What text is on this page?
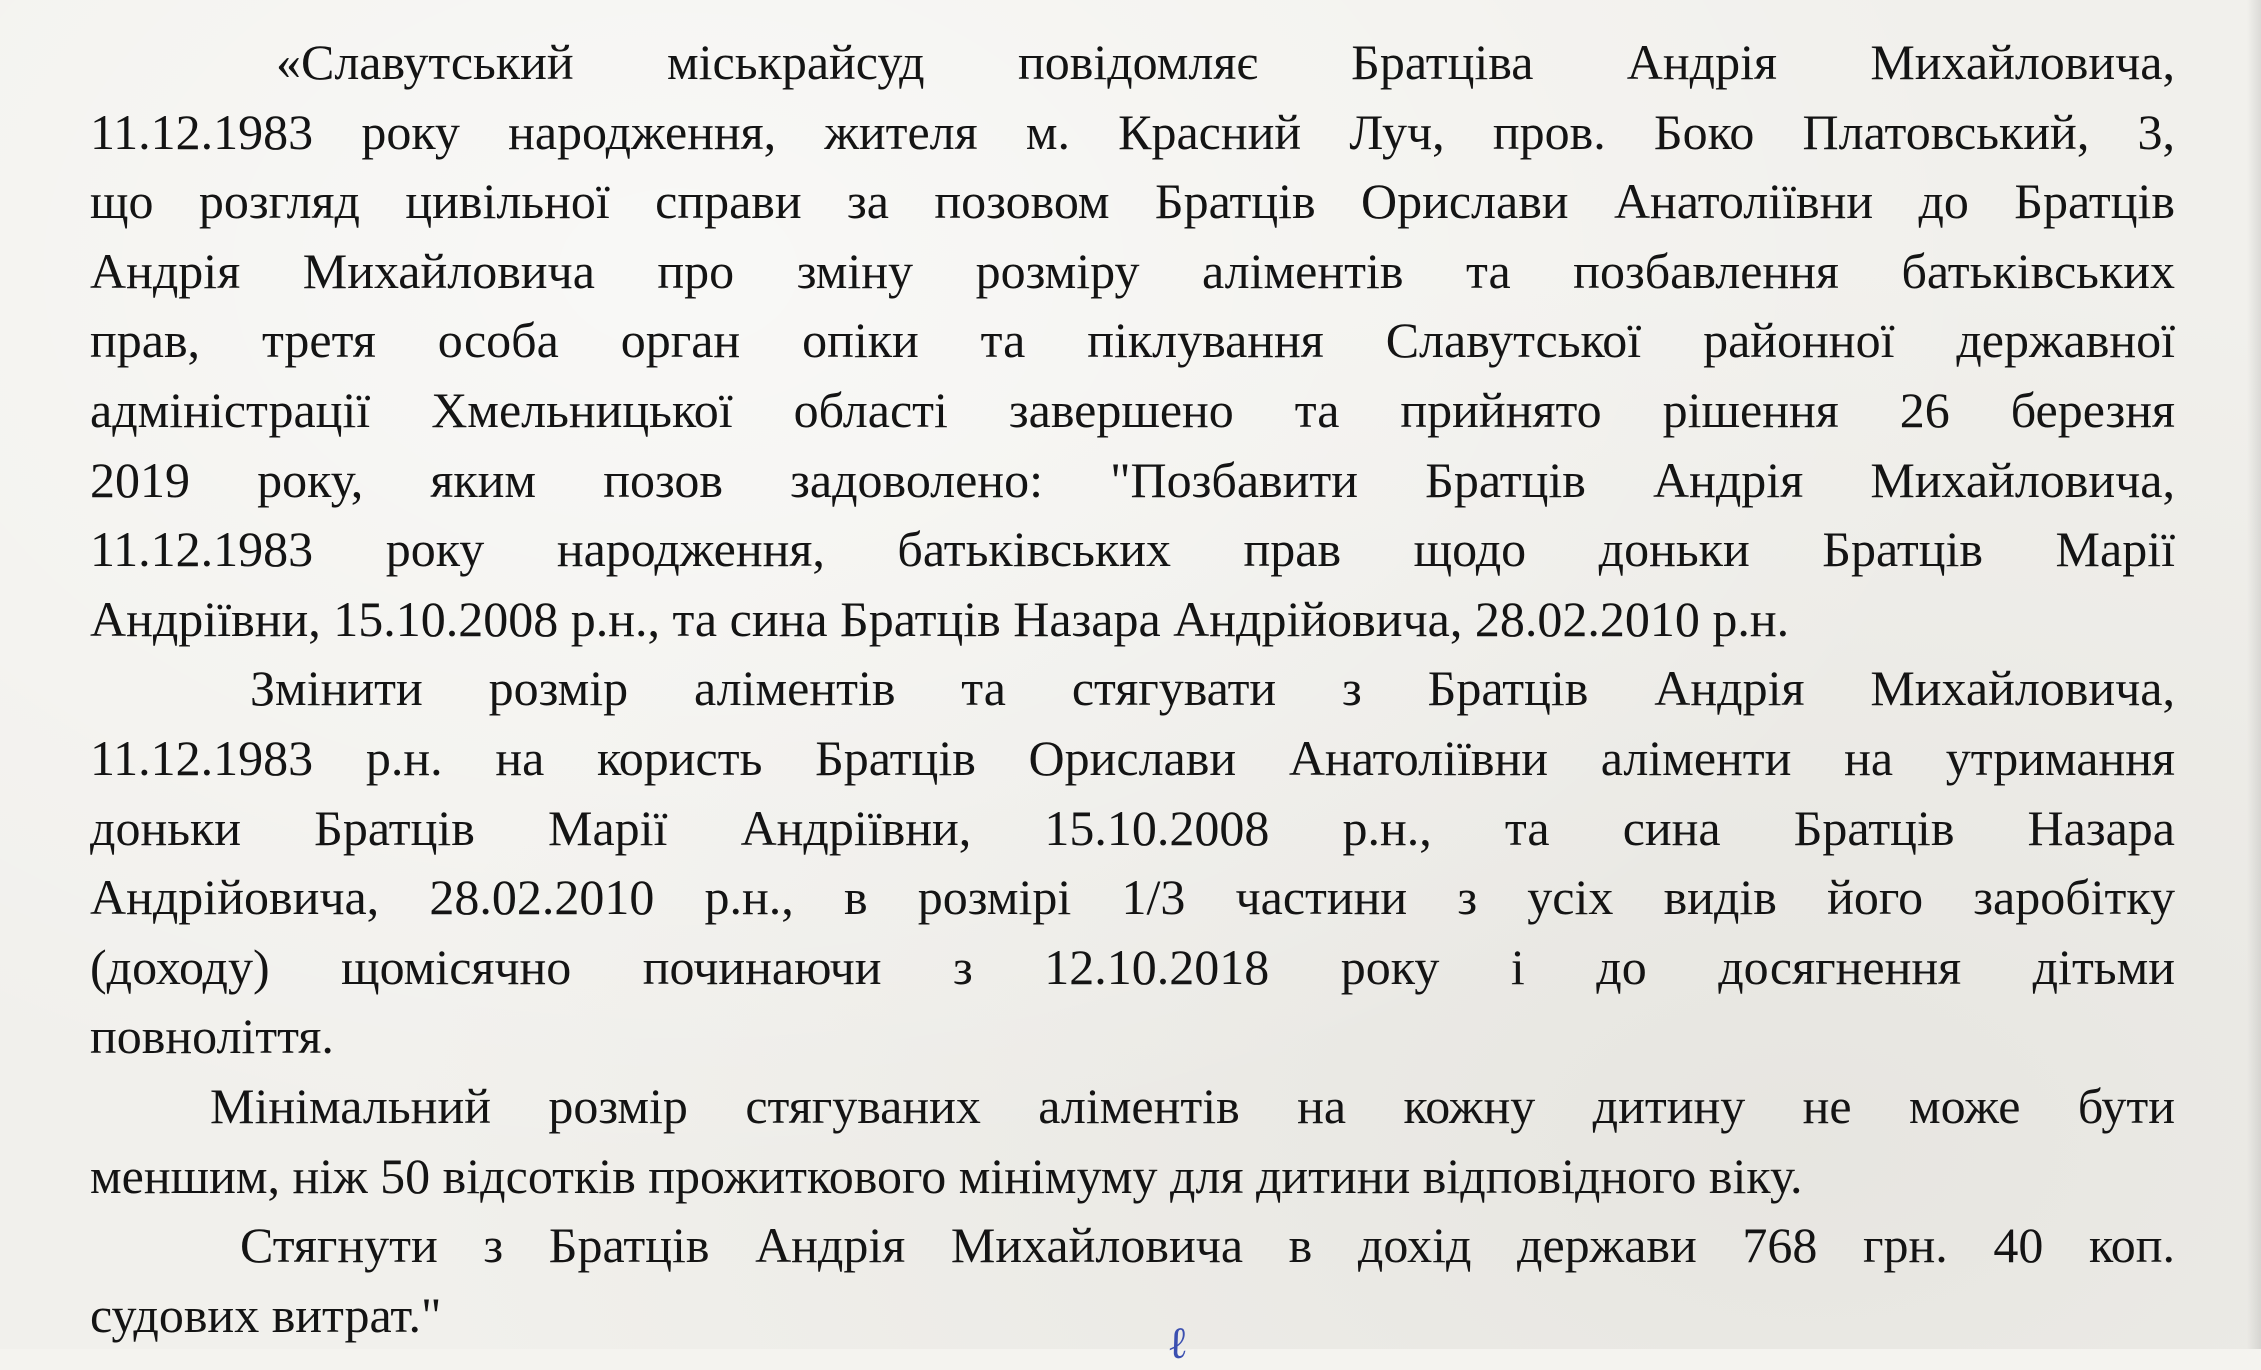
«Славутський міськрайсуд повідомляє Братціва Андрія Михайловича,
11.12.1983 року народження, жителя м. Красний Луч, пров. Боко Платовський, 3,
що розгляд цивільної справи за позовом Братців Орислави Анатоліївни до Братців
Андрія Михайловича про зміну розміру аліментів та позбавлення батьківських
прав, третя особа орган опіки та піклування Славутської районної державної
адміністрації Хмельницької області завершено та прийнято рішення 26 березня
2019 року, яким позов задоволено: "Позбавити Братців Андрія Михайловича,
11.12.1983 року народження, батьківських прав щодо доньки Братців Марії
Андріївни, 15.10.2008 р.н., та сина Братців Назара Андрійовича, 28.02.2010 р.н.
Змінити розмір аліментів та стягувати з Братців Андрія Михайловича,
11.12.1983 р.н. на користь Братців Орислави Анатоліївни аліменти на утримання
доньки Братців Марії Андріївни, 15.10.2008 р.н., та сина Братців Назара
Андрійовича, 28.02.2010 р.н., в розмірі 1/3 частини з усіх видів його заробітку
(доходу) щомісячно починаючи з 12.10.2018 року і до досягнення дітьми
повноліття.
Мінімальний розмір стягуваних аліментів на кожну дитину не може бути
меншим, ніж 50 відсотків прожиткового мінімуму для дитини відповідного віку.
Стягнути з Братців Андрія Михайловича в дохід держави 768 грн. 40 коп.
судових витрат."
ℓ
